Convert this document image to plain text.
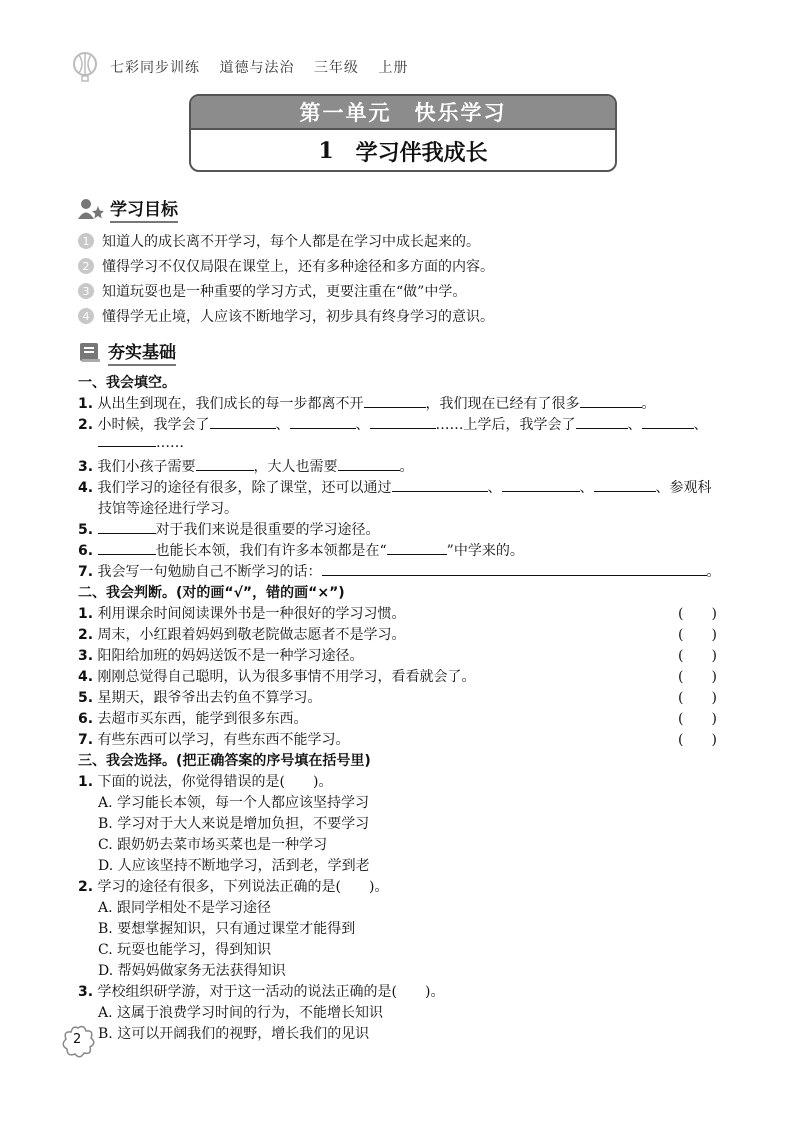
七彩同步训练 道德与法治 三年级 上册
第一单元　快乐学习
1 学习伴我成长
学习目标
1 知道人的成长离不开学习，每个人都是在学习中成长起来的。
2 懂得学习不仅仅局限在课堂上，还有多种途径和多方面的内容。
3 知道玩耍也是一种重要的学习方式，更要注重在“做”中学。
4 懂得学无止境，人应该不断地学习，初步具有终身学习的意识。
夯实基础
一、我会填空。
1. 从出生到现在，我们成长的每一步都离不开	，我们现在已经有了很多	。
2. 小时候，我学会了	、	、	……上学后，我学会了	、	、
……
3. 我们小孩子需要	，大人也需要	。
4. 我们学习的途径有很多，除了课堂，还可以通过	、	、	、参观科
技馆等途径进行学习。
5.	对于我们来说是很重要的学习途径。
6.	也能长本领，我们有许多本领都是在“	”中学来的。
7. 我会写一句勉励自己不断学习的话：	。
二、我会判断。(对的画“√”，错的画“×”)
1. 利用课余时间阅读课外书是一种很好的学习习惯。	(　　)
2. 周末，小红跟着妈妈到敬老院做志愿者不是学习。	(　　)
3. 阳阳给加班的妈妈送饭不是一种学习途径。	(　　)
4. 刚刚总觉得自己聪明，认为很多事情不用学习，看看就会了。	(　　)
5. 星期天，跟爷爷出去钓鱼不算学习。	(　　)
6. 去超市买东西，能学到很多东西。	(　　)
7. 有些东西可以学习，有些东西不能学习。	(　　)
三、我会选择。(把正确答案的序号填在括号里)
1. 下面的说法，你觉得错误的是(　　)。
A. 学习能长本领，每一个人都应该坚持学习
B. 学习对于大人来说是增加负担，不要学习
C. 跟奶奶去菜市场买菜也是一种学习
D. 人应该坚持不断地学习，活到老，学到老
2. 学习的途径有很多，下列说法正确的是(　　)。
A. 跟同学相处不是学习途径
B. 要想掌握知识，只有通过课堂才能得到
C. 玩耍也能学习，得到知识
D. 帮妈妈做家务无法获得知识
3. 学校组织研学游，对于这一活动的说法正确的是(　　)。
A. 这属于浪费学习时间的行为，不能增长知识
B. 这可以开阔我们的视野，增长我们的见识
2
